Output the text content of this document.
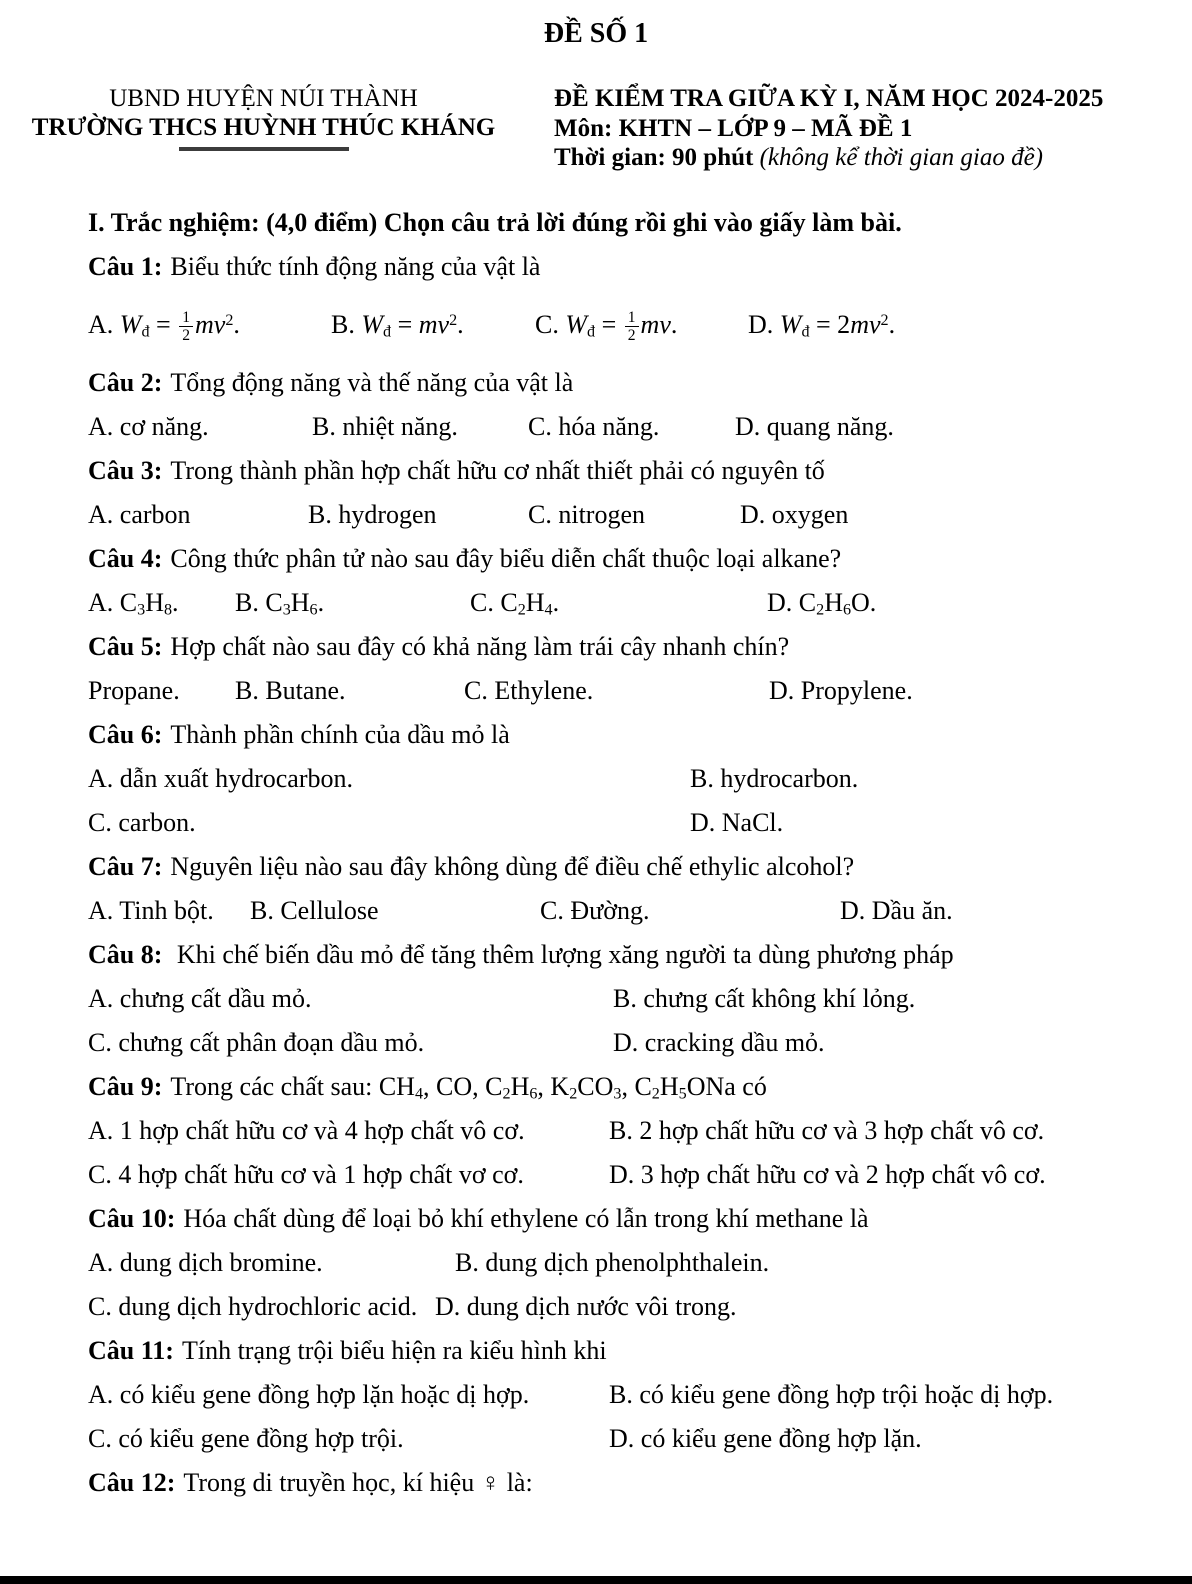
ĐỀ SỐ 1
UBND HUYỆN NÚI THÀNH
TRƯỜNG THCS HUỲNH THÚC KHÁNG
ĐỀ KIỂM TRA GIỮA KỲ I, NĂM HỌC 2024-2025
Môn: KHTN – LỚP 9 – MÃ ĐỀ 1
Thời gian: 90 phút (không kể thời gian giao đề)
I. Trắc nghiệm: (4,0 điểm) Chọn câu trả lời đúng rồi ghi vào giấy làm bài.
Câu 1: Biểu thức tính động năng của vật là
A. $W_đ = \frac{1}{2} mv^2$.	B. $W_đ = mv^2$.	C. $W_đ = \frac{1}{2}$ mv.	D. $W_đ = 2mv^2$.
Câu 2: Tổng động năng và thế năng của vật là
A. cơ năng.	B. nhiệt năng.	C. hóa năng.	D. quang năng.
Câu 3: Trong thành phần hợp chất hữu cơ nhất thiết phải có nguyên tố
A. carbon	B. hydrogen	C. nitrogen	D. oxygen
Câu 4: Công thức phân tử nào sau đây biểu diễn chất thuộc loại alkane?
A. $C_3H_8$.	B. $C_3H_6$.	C. $C_2H_4$.	D. $C_2H_6O$.
Câu 5: Hợp chất nào sau đây có khả năng làm trái cây nhanh chín?
Propane.	B. Butane.	C. Ethylene.	D. Propylene.
Câu 6: Thành phần chính của dầu mỏ là
A. dẫn xuất hydrocarbon.	B. hydrocarbon.
C. carbon.	D. NaCl.
Câu 7: Nguyên liệu nào sau đây không dùng để điều chế ethylic alcohol?
A. Tinh bột.	B. Cellulose	C. Đường.	D. Dầu ăn.
Câu 8: Khi chế biến dầu mỏ để tăng thêm lượng xăng người ta dùng phương pháp
A. chưng cất dầu mỏ.	B. chưng cất không khí lỏng.
C. chưng cất phân đoạn dầu mỏ.	D. cracking dầu mỏ.
Câu 9: Trong các chất sau: $CH_4$, CO, $C_2H_6$, $K_2CO_3$, $C_2H_5ONa$ có
A. 1 hợp chất hữu cơ và 4 hợp chất vô cơ.	B. 2 hợp chất hữu cơ và 3 hợp chất vô cơ.
C. 4 hợp chất hữu cơ và 1 hợp chất vơ cơ.	D. 3 hợp chất hữu cơ và 2 hợp chất vô cơ.
Câu 10: Hóa chất dùng để loại bỏ khí ethylene có lẫn trong khí methane là
A. dung dịch bromine.	B. dung dịch phenolphthalein.
C. dung dịch hydrochloric acid. D. dung dịch nước vôi trong.
Câu 11: Tính trạng trội biểu hiện ra kiểu hình khi
A. có kiểu gene đồng hợp lặn hoặc dị hợp.	B. có kiểu gene đồng hợp trội hoặc dị hợp.
C. có kiểu gene đồng hợp trội.	D. có kiểu gene đồng hợp lặn.
Câu 12: Trong di truyền học, kí hiệu ♀ là:
